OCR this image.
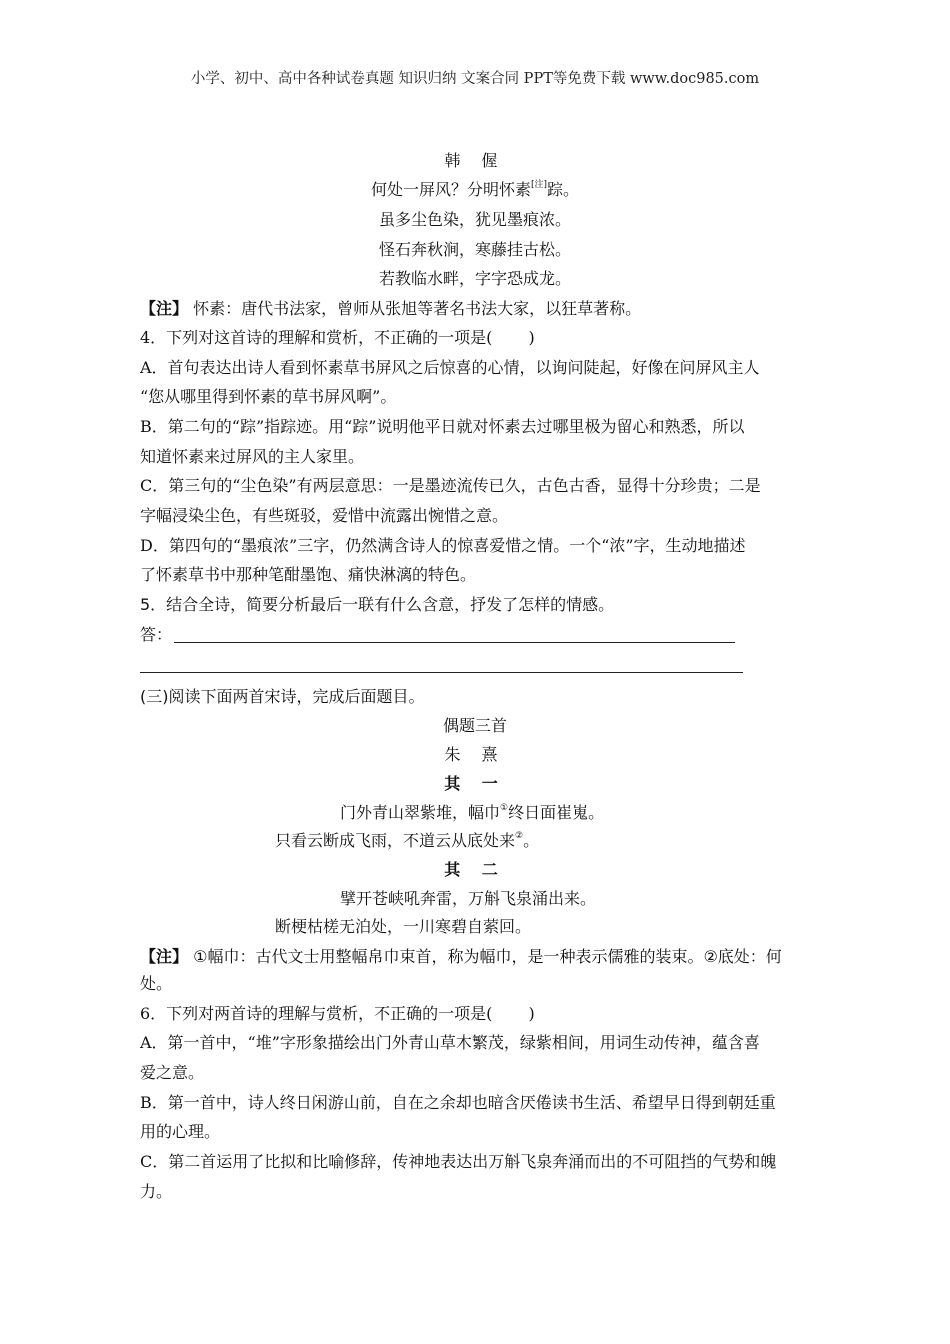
小学、初中、高中各种试卷真题 知识归纳 文案合同 PPT等免费下载 www.doc985.com
韩 偓
何处一屏风？分明怀素[注]踪。
虽多尘色染，犹见墨痕浓。
怪石奔秋涧，寒藤挂古松。
若教临水畔，字字恐成龙。
【注】 怀素：唐代书法家，曾师从张旭等著名书法大家，以狂草著称。
4．下列对这首诗的理解和赏析，不正确的一项是( )
A．首句表达出诗人看到怀素草书屏风之后惊喜的心情，以询问陡起，好像在问屏风主人
“您从哪里得到怀素的草书屏风啊”。
B．第二句的“踪”指踪迹。用“踪”说明他平日就对怀素去过哪里极为留心和熟悉，所以
知道怀素来过屏风的主人家里。
C．第三句的“尘色染”有两层意思：一是墨迹流传已久，古色古香，显得十分珍贵；二是
字幅浸染尘色，有些斑驳，爱惜中流露出惋惜之意。
D．第四句的“墨痕浓”三字，仍然满含诗人的惊喜爱惜之情。一个“浓”字，生动地描述
了怀素草书中那种笔酣墨饱、痛快淋漓的特色。
5．结合全诗，简要分析最后一联有什么含意，抒发了怎样的情感。
答：
(三)阅读下面两首宋诗，完成后面题目。
偶题三首
朱 熹
其 一
门外青山翠紫堆，幅巾①终日面崔嵬。
只看云断成飞雨，不道云从底处来②。
其 二
擘开苍峡吼奔雷，万斛飞泉涌出来。
断梗枯槎无泊处，一川寒碧自萦回。
【注】 ①幅巾：古代文士用整幅帛巾束首，称为幅巾，是一种表示儒雅的装束。②底处：何
处。
6．下列对两首诗的理解与赏析，不正确的一项是( )
A．第一首中，“堆”字形象描绘出门外青山草木繁茂，绿紫相间，用词生动传神，蕴含喜
爱之意。
B．第一首中，诗人终日闲游山前，自在之余却也暗含厌倦读书生活、希望早日得到朝廷重
用的心理。
C．第二首运用了比拟和比喻修辞，传神地表达出万斛飞泉奔涌而出的不可阻挡的气势和魄
力。
